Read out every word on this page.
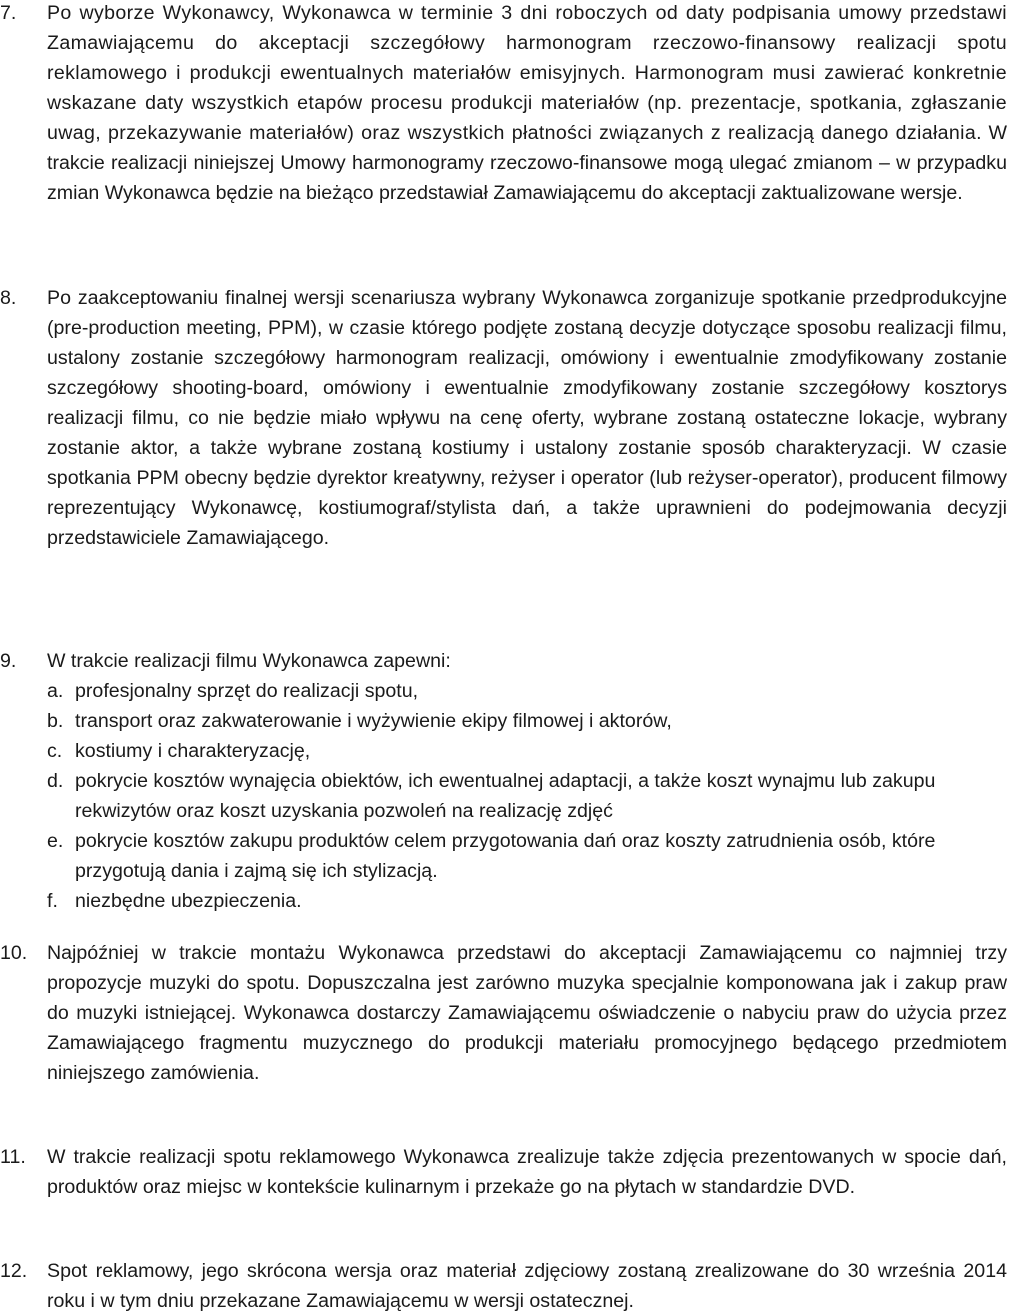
7. Po wyborze Wykonawcy, Wykonawca w terminie 3 dni roboczych od daty podpisania umowy przedstawi Zamawiającemu do akceptacji szczegółowy harmonogram rzeczowo-finansowy realizacji spotu reklamowego i produkcji ewentualnych materiałów emisyjnych. Harmonogram musi zawierać konkretnie wskazane daty wszystkich etapów procesu produkcji materiałów (np. prezentacje, spotkania, zgłaszanie uwag, przekazywanie materiałów) oraz wszystkich płatności związanych z realizacją danego działania. W trakcie realizacji niniejszej Umowy harmonogramy rzeczowo-finansowe mogą ulegać zmianom – w przypadku zmian Wykonawca będzie na bieżąco przedstawiał Zamawiającemu do akceptacji zaktualizowane wersje.

8. Po zaakceptowaniu finalnej wersji scenariusza wybrany Wykonawca zorganizuje spotkanie przedprodukcyjne (pre-production meeting, PPM), w czasie którego podjęte zostaną decyzje dotyczące sposobu realizacji filmu, ustalony zostanie szczegółowy harmonogram realizacji, omówiony i ewentualnie zmodyfikowany zostanie szczegółowy shooting-board, omówiony i ewentualnie zmodyfikowany zostanie szczegółowy kosztorys realizacji filmu, co nie będzie miało wpływu na cenę oferty, wybrane zostaną ostateczne lokacje, wybrany zostanie aktor, a także wybrane zostaną kostiumy i ustalony zostanie sposób charakteryzacji. W czasie spotkania PPM obecny będzie dyrektor kreatywny, reżyser i operator (lub reżyser-operator), producent filmowy reprezentujący Wykonawcę, kostiumograf/stylista dań, a także uprawnieni do podejmowania decyzji przedstawiciele Zamawiającego.

9. W trakcie realizacji filmu Wykonawca zapewni:

a. profesjonalny sprzęt do realizacji spotu,
b. transport oraz zakwaterowanie i wyżywienie ekipy filmowej i aktorów,
c. kostiumy i charakteryzację,
d. pokrycie kosztów wynajęcia obiektów, ich ewentualnej adaptacji, a także koszt wynajmu lub zakupu rekwizytów oraz koszt uzyskania pozwoleń na realizację zdjęć
e. pokrycie kosztów zakupu produktów celem przygotowania dań oraz koszty zatrudnienia osób, które przygotują dania i zajmą się ich stylizacją.
f. niezbędne ubezpieczenia.
10. Najpóźniej w trakcie montażu Wykonawca przedstawi do akceptacji Zamawiającemu co najmniej trzy propozycje muzyki do spotu. Dopuszczalna jest zarówno muzyka specjalnie komponowana jak i zakup praw do muzyki istniejącej. Wykonawca dostarczy Zamawiającemu oświadczenie o nabyciu praw do użycia przez Zamawiającego fragmentu muzycznego do produkcji materiału promocyjnego będącego przedmiotem niniejszego zamówienia.

11. W trakcie realizacji spotu reklamowego Wykonawca zrealizuje także zdjęcia prezentowanych w spocie dań, produktów oraz miejsc w kontekście kulinarnym i przekaże go na płytach w standardzie DVD.

12. Spot reklamowy, jego skrócona wersja oraz materiał zdjęciowy zostaną zrealizowane do 30 września 2014 roku i w tym dniu przekazane Zamawiającemu w wersji ostatecznej.
